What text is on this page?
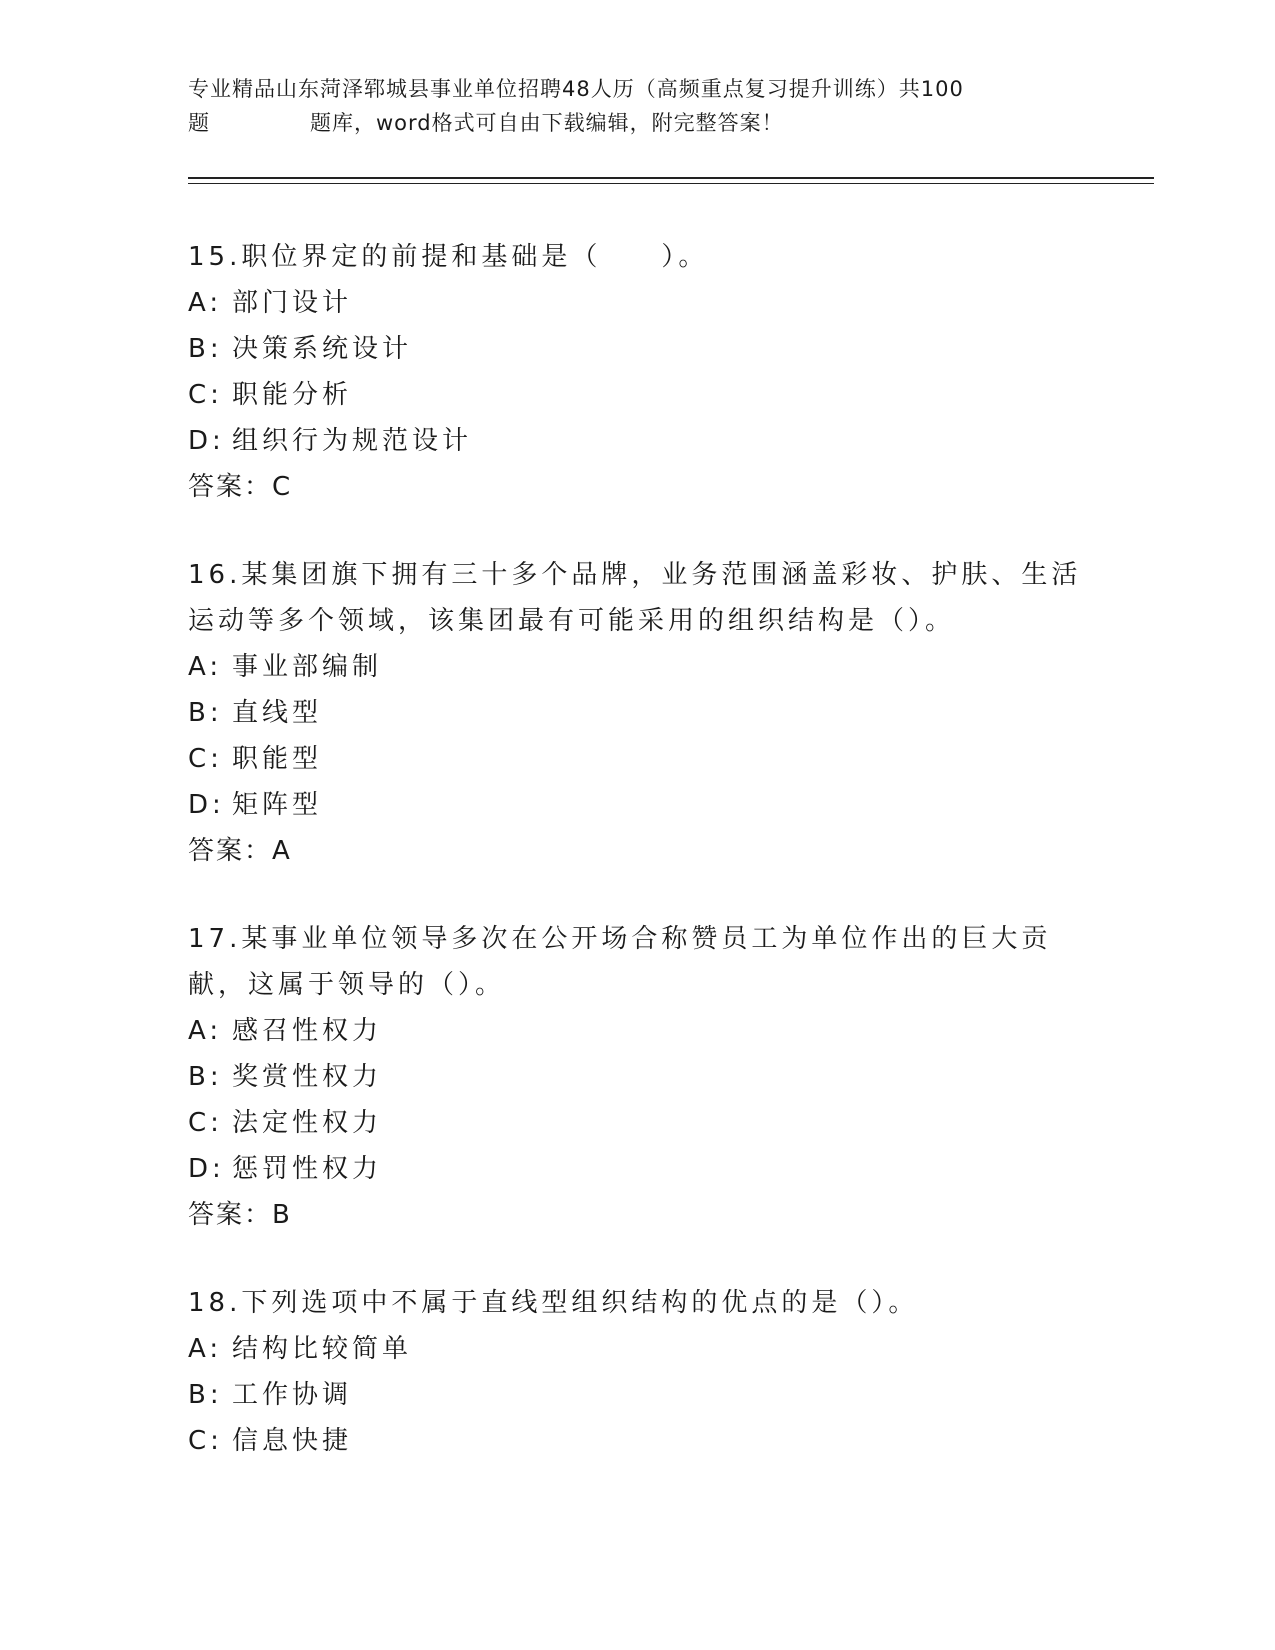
专业精品山东菏泽郓城县事业单位招聘48人历（高频重点复习提升训练）共100
题	题库，word格式可自由下载编辑，附完整答案！

15.职位界定的前提和基础是（　　）。

A: 部门设计

B: 决策系统设计

C: 职能分析

D: 组织行为规范设计

答案：C

16.某集团旗下拥有三十多个品牌，业务范围涵盖彩妆、护肤、生活运动等多个领域，该集团最有可能采用的组织结构是（）。

A: 事业部编制

B: 直线型

C: 职能型

D: 矩阵型

答案：A

17.某事业单位领导多次在公开场合称赞员工为单位作出的巨大贡献，这属于领导的（）。

A: 感召性权力

B: 奖赏性权力

C: 法定性权力

D: 惩罚性权力

答案：B

18.下列选项中不属于直线型组织结构的优点的是（）。

A: 结构比较简单

B: 工作协调

C: 信息快捷
